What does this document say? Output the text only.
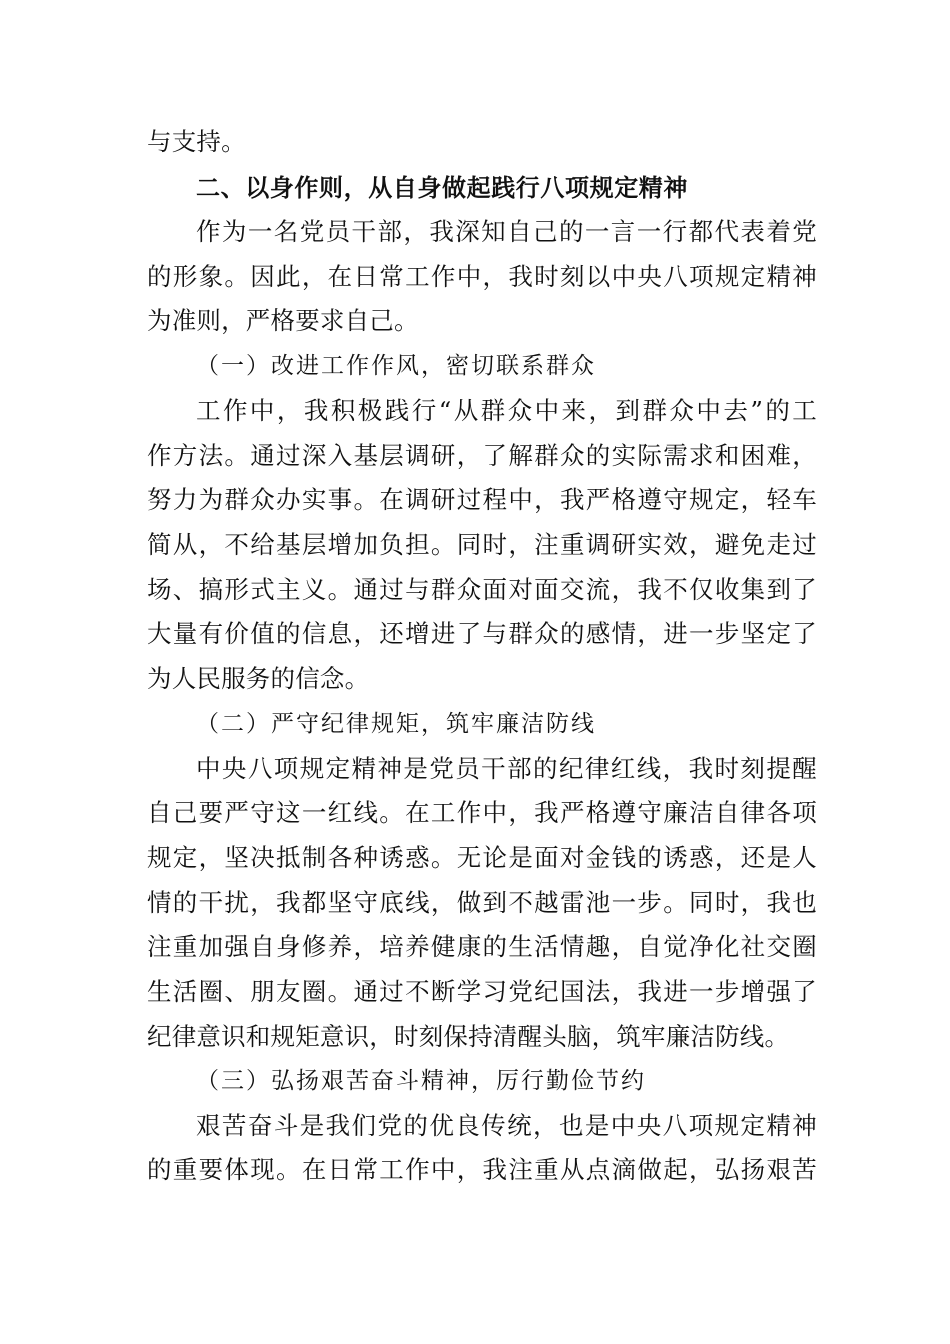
与支持。
二、以身作则，从自身做起践行八项规定精神
作为一名党员干部，我深知自己的一言一行都代表着党
的形象。因此，在日常工作中，我时刻以中央八项规定精神
为准则，严格要求自己。
（一）改进工作作风，密切联系群众
工作中，我积极践行“从群众中来，到群众中去”的工
作方法。通过深入基层调研，了解群众的实际需求和困难，
努力为群众办实事。在调研过程中，我严格遵守规定，轻车
简从，不给基层增加负担。同时，注重调研实效，避免走过
场、搞形式主义。通过与群众面对面交流，我不仅收集到了
大量有价值的信息，还增进了与群众的感情，进一步坚定了
为人民服务的信念。
（二）严守纪律规矩，筑牢廉洁防线
中央八项规定精神是党员干部的纪律红线，我时刻提醒
自己要严守这一红线。在工作中，我严格遵守廉洁自律各项
规定，坚决抵制各种诱惑。无论是面对金钱的诱惑，还是人
情的干扰，我都坚守底线，做到不越雷池一步。同时，我也
注重加强自身修养，培养健康的生活情趣，自觉净化社交圈
生活圈、朋友圈。通过不断学习党纪国法，我进一步增强了
纪律意识和规矩意识，时刻保持清醒头脑，筑牢廉洁防线。
（三）弘扬艰苦奋斗精神，厉行勤俭节约
艰苦奋斗是我们党的优良传统，也是中央八项规定精神
的重要体现。在日常工作中，我注重从点滴做起，弘扬艰苦
